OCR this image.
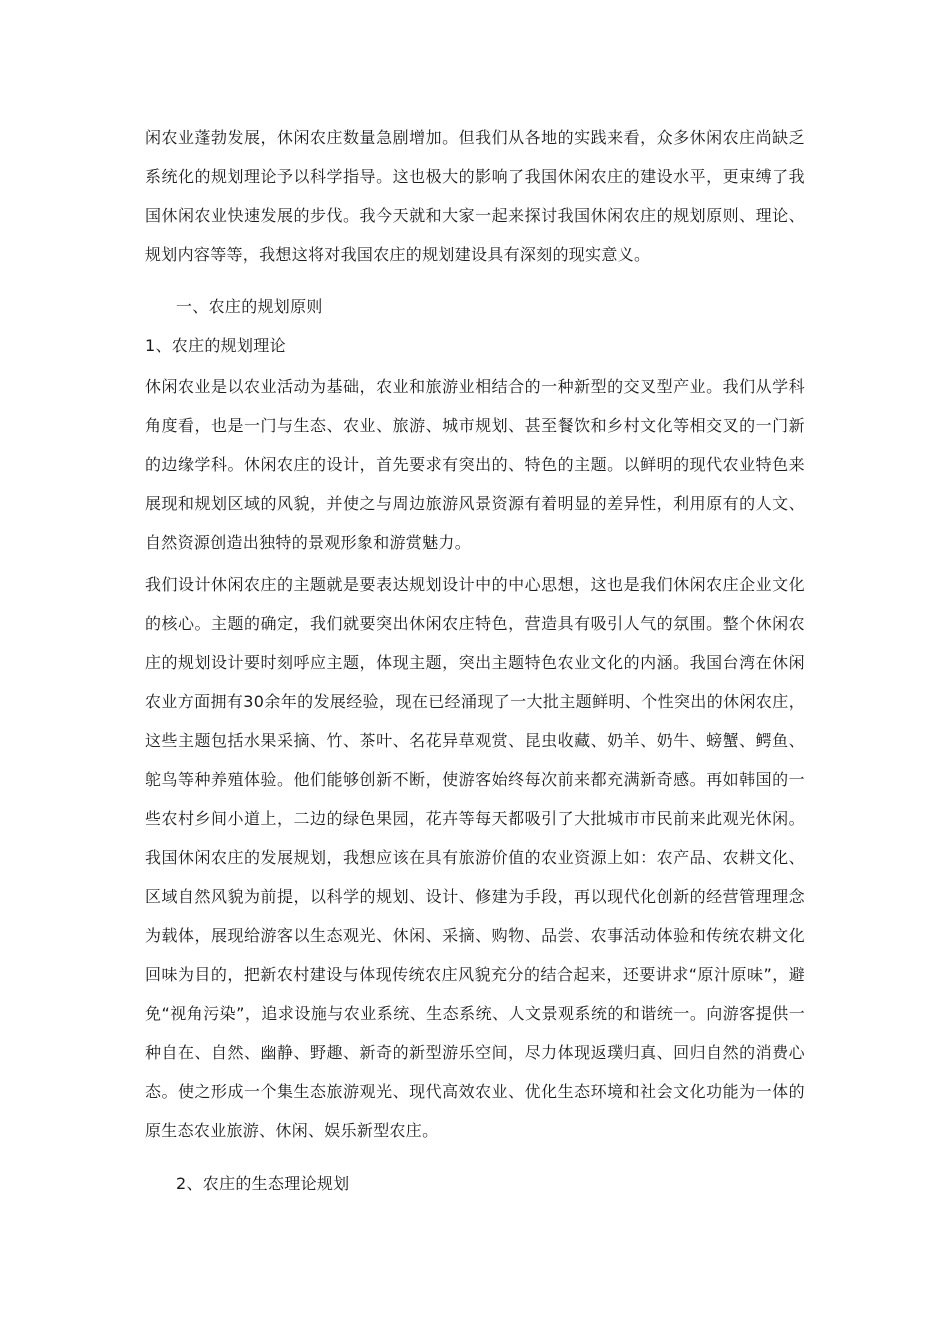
闲农业蓬勃发展，休闲农庄数量急剧增加。但我们从各地的实践来看，众多休闲农庄尚缺乏
系统化的规划理论予以科学指导。这也极大的影响了我国休闲农庄的建设水平，更束缚了我
国休闲农业快速发展的步伐。我今天就和大家一起来探讨我国休闲农庄的规划原则、理论、
规划内容等等，我想这将对我国农庄的规划建设具有深刻的现实意义。
一、农庄的规划原则
1、农庄的规划理论
休闲农业是以农业活动为基础，农业和旅游业相结合的一种新型的交叉型产业。我们从学科
角度看，也是一门与生态、农业、旅游、城市规划、甚至餐饮和乡村文化等相交叉的一门新
的边缘学科。休闲农庄的设计，首先要求有突出的、特色的主题。以鲜明的现代农业特色来
展现和规划区域的风貌，并使之与周边旅游风景资源有着明显的差异性，利用原有的人文、
自然资源创造出独特的景观形象和游赏魅力。
我们设计休闲农庄的主题就是要表达规划设计中的中心思想，这也是我们休闲农庄企业文化
的核心。主题的确定，我们就要突出休闲农庄特色，营造具有吸引人气的氛围。整个休闲农
庄的规划设计要时刻呼应主题，体现主题，突出主题特色农业文化的内涵。我国台湾在休闲
农业方面拥有30余年的发展经验，现在已经涌现了一大批主题鲜明、个性突出的休闲农庄，
这些主题包括水果采摘、竹、茶叶、名花异草观赏、昆虫收藏、奶羊、奶牛、螃蟹、鳄鱼、
鸵鸟等种养殖体验。他们能够创新不断，使游客始终每次前来都充满新奇感。再如韩国的一
些农村乡间小道上，二边的绿色果园，花卉等每天都吸引了大批城市市民前来此观光休闲。
我国休闲农庄的发展规划，我想应该在具有旅游价值的农业资源上如：农产品、农耕文化、
区域自然风貌为前提，以科学的规划、设计、修建为手段，再以现代化创新的经营管理理念
为载体，展现给游客以生态观光、休闲、采摘、购物、品尝、农事活动体验和传统农耕文化
回味为目的，把新农村建设与体现传统农庄风貌充分的结合起来，还要讲求“原汁原味”，避
免“视角污染”，追求设施与农业系统、生态系统、人文景观系统的和谐统一。向游客提供一
种自在、自然、幽静、野趣、新奇的新型游乐空间，尽力体现返璞归真、回归自然的消费心
态。使之形成一个集生态旅游观光、现代高效农业、优化生态环境和社会文化功能为一体的
原生态农业旅游、休闲、娱乐新型农庄。
2、农庄的生态理论规划
